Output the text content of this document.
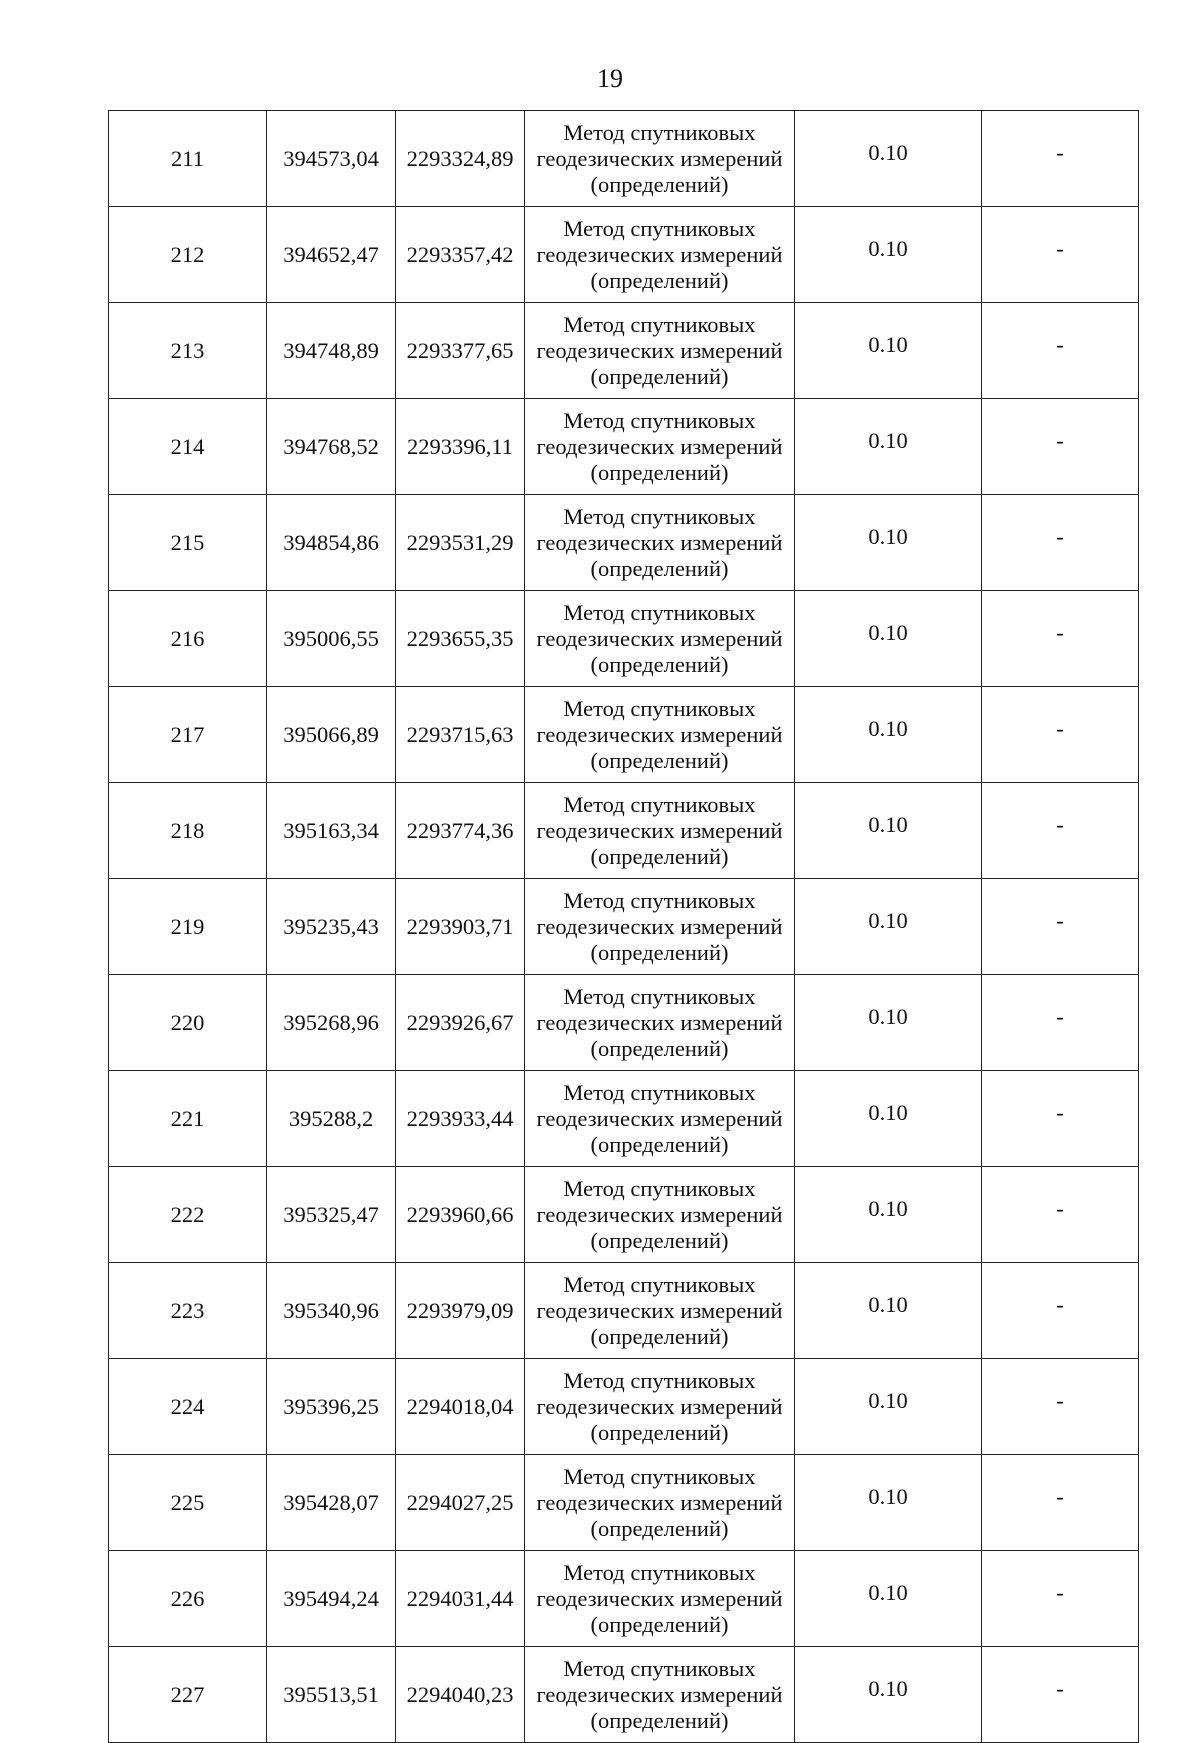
19
211	394573,04	2293324,89	Метод спутниковых
геодезических измерений
(определений)	0.10	-
212	394652,47	2293357,42	Метод спутниковых
геодезических измерений
(определений)	0.10	-
213	394748,89	2293377,65	Метод спутниковых
геодезических измерений
(определений)	0.10	-
214	394768,52	2293396,11	Метод спутниковых
геодезических измерений
(определений)	0.10	-
215	394854,86	2293531,29	Метод спутниковых
геодезических измерений
(определений)	0.10	-
216	395006,55	2293655,35	Метод спутниковых
геодезических измерений
(определений)	0.10	-
217	395066,89	2293715,63	Метод спутниковых
геодезических измерений
(определений)	0.10	-
218	395163,34	2293774,36	Метод спутниковых
геодезических измерений
(определений)	0.10	-
219	395235,43	2293903,71	Метод спутниковых
геодезических измерений
(определений)	0.10	-
220	395268,96	2293926,67	Метод спутниковых
геодезических измерений
(определений)	0.10	-
221	395288,2	2293933,44	Метод спутниковых
геодезических измерений
(определений)	0.10	-
222	395325,47	2293960,66	Метод спутниковых
геодезических измерений
(определений)	0.10	-
223	395340,96	2293979,09	Метод спутниковых
геодезических измерений
(определений)	0.10	-
224	395396,25	2294018,04	Метод спутниковых
геодезических измерений
(определений)	0.10	-
225	395428,07	2294027,25	Метод спутниковых
геодезических измерений
(определений)	0.10	-
226	395494,24	2294031,44	Метод спутниковых
геодезических измерений
(определений)	0.10	-
227	395513,51	2294040,23	Метод спутниковых
геодезических измерений
(определений)	0.10	-
